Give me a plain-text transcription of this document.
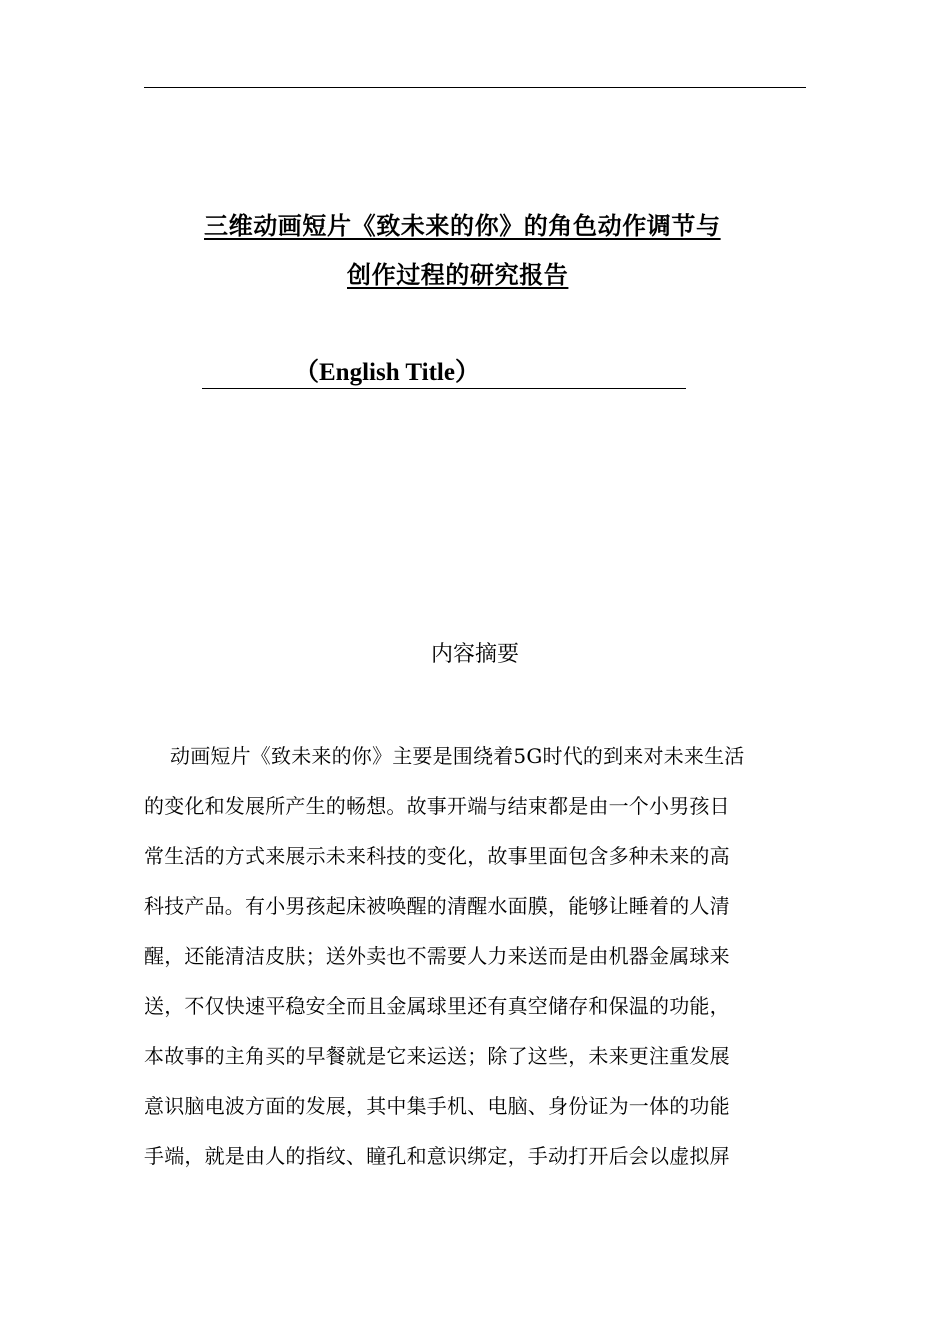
三维动画短片《致未来的你》的角色动作调节与
创作过程的研究报告
（English Title）
内容摘要
动画短片《致未来的你》主要是围绕着5G时代的到来对未来生活
的变化和发展所产生的畅想。故事开端与结束都是由一个小男孩日
常生活的方式来展示未来科技的变化，故事里面包含多种未来的高
科技产品。有小男孩起床被唤醒的清醒水面膜，能够让睡着的人清
醒，还能清洁皮肤；送外卖也不需要人力来送而是由机器金属球来
送，不仅快速平稳安全而且金属球里还有真空储存和保温的功能，
本故事的主角买的早餐就是它来运送；除了这些，未来更注重发展
意识脑电波方面的发展，其中集手机、电脑、身份证为一体的功能
手端，就是由人的指纹、瞳孔和意识绑定，手动打开后会以虚拟屏
